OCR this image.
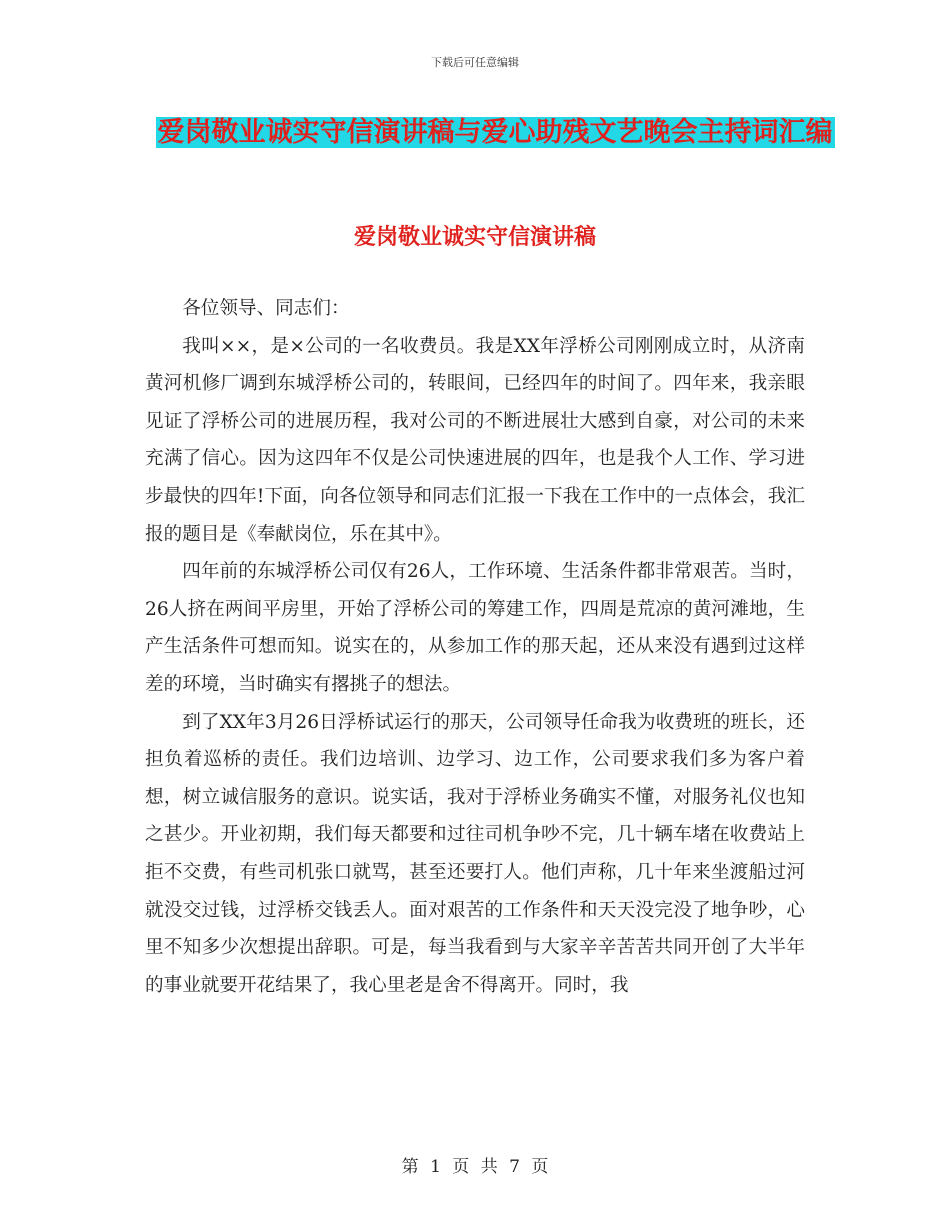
下载后可任意编辑
爱岗敬业诚实守信演讲稿与爱心助残文艺晚会主持词汇编
爱岗敬业诚实守信演讲稿

各位领导、同志们：

我叫××，是×公司的一名收费员。我是XX年浮桥公司刚刚成立时，从济南黄河机修厂调到东城浮桥公司的，转眼间，已经四年的时间了。四年来，我亲眼见证了浮桥公司的进展历程，我对公司的不断进展壮大感到自豪，对公司的未来充满了信心。因为这四年不仅是公司快速进展的四年，也是我个人工作、学习进步最快的四年!下面，向各位领导和同志们汇报一下我在工作中的一点体会，我汇报的题目是《奉献岗位，乐在其中》。

四年前的东城浮桥公司仅有26人，工作环境、生活条件都非常艰苦。当时，26人挤在两间平房里，开始了浮桥公司的筹建工作，四周是荒凉的黄河滩地，生产生活条件可想而知。说实在的，从参加工作的那天起，还从来没有遇到过这样差的环境，当时确实有撂挑子的想法。

到了XX年3月26日浮桥试运行的那天，公司领导任命我为收费班的班长，还担负着巡桥的责任。我们边培训、边学习、边工作，公司要求我们多为客户着想，树立诚信服务的意识。说实话，我对于浮桥业务确实不懂，对服务礼仪也知之甚少。开业初期，我们每天都要和过往司机争吵不完，几十辆车堵在收费站上拒不交费，有些司机张口就骂，甚至还要打人。他们声称，几十年来坐渡船过河就没交过钱，过浮桥交钱丢人。面对艰苦的工作条件和天天没完没了地争吵，心里不知多少次想提出辞职。可是，每当我看到与大家辛辛苦苦共同开创了大半年的事业就要开花结果了，我心里老是舍不得离开。同时，我

第 1 页 共 7 页
